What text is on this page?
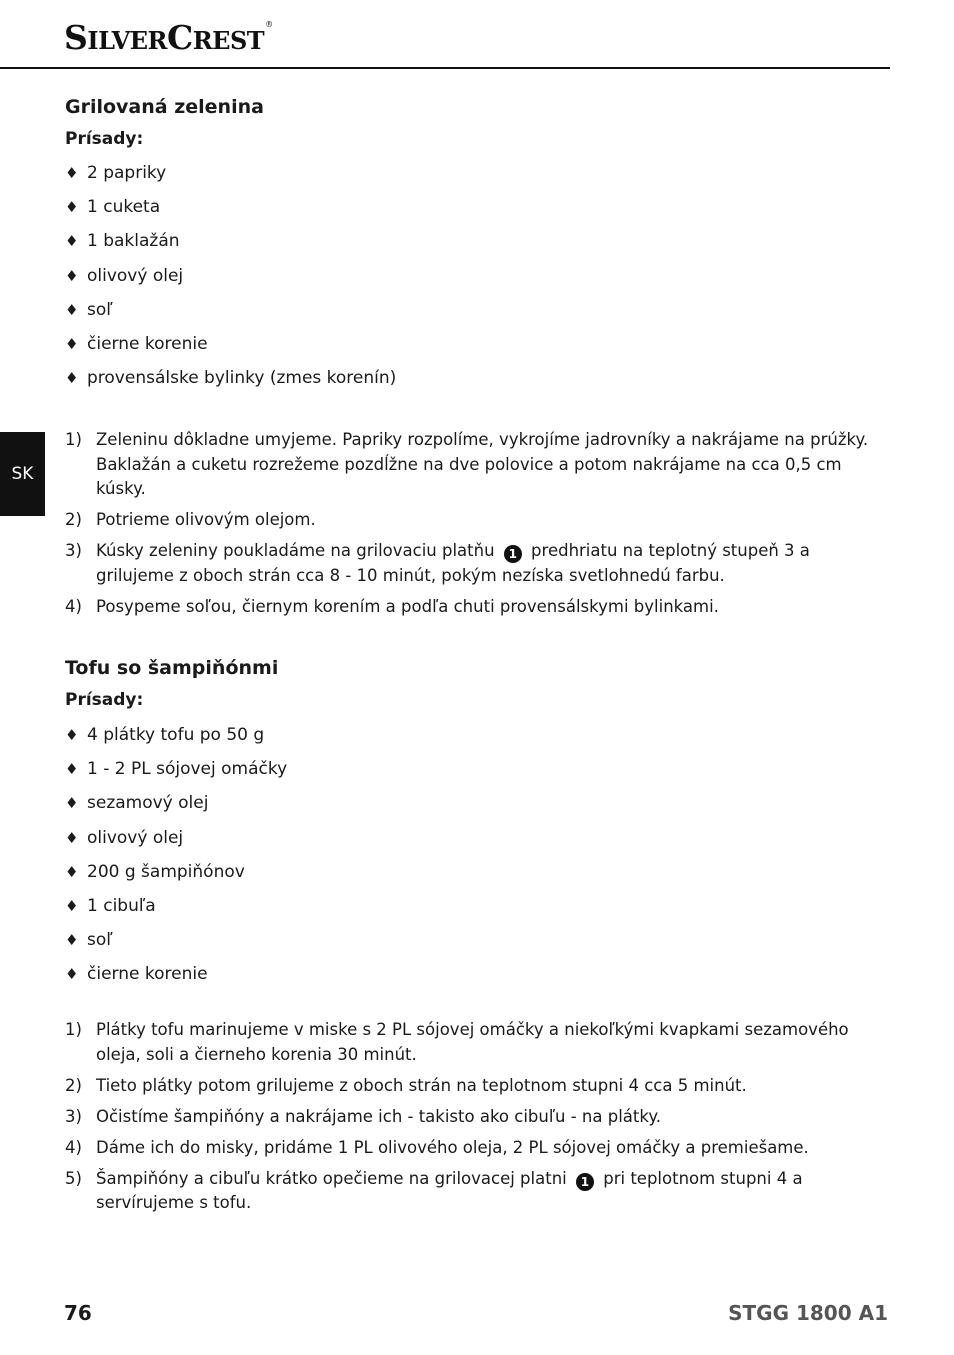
SILVERCREST®
SK
Grilovaná zelenina
Prísady:
♦ 2 papriky
♦ 1 cuketa
♦ 1 baklažán
♦ olivový olej
♦ soľ
♦ čierne korenie
♦ provensálske bylinky (zmes korenín)
1) Zeleninu dôkladne umyjeme. Papriky rozpolíme, vykrojíme jadrovníky a nakrájame na prúžky. Baklažán a cuketu rozrežeme pozdĺžne na dve polovice a potom nakrájame na cca 0,5 cm kúsky.
2) Potrieme olivovým olejom.
3) Kúsky zeleniny poukladáme na grilovaciu platňu 1 predhriatu na teplotný stupeň 3 a grilujeme z oboch strán cca 8 - 10 minút, pokým nezíska svetlohnedú farbu.
4) Posypeme soľou, čiernym korením a podľa chuti provensálskymi bylinkami.
Tofu so šampiňónmi
Prísady:
♦ 4 plátky tofu po 50 g
♦ 1 - 2 PL sójovej omáčky
♦ sezamový olej
♦ olivový olej
♦ 200 g šampiňónov
♦ 1 cibuľa
♦ soľ
♦ čierne korenie
1) Plátky tofu marinujeme v miske s 2 PL sójovej omáčky a niekoľkými kvapkami sezamového oleja, soli a čierneho korenia 30 minút.
2) Tieto plátky potom grilujeme z oboch strán na teplotnom stupni 4 cca 5 minút.
3) Očistíme šampiňóny a nakrájame ich - takisto ako cibuľu - na plátky.
4) Dáme ich do misky, pridáme 1 PL olivového oleja, 2 PL sójovej omáčky a premiešame.
5) Šampiňóny a cibuľu krátko opečieme na grilovacej platni 1 pri teplotnom stupni 4 a servírujeme s tofu.
76	STGG 1800 A1
